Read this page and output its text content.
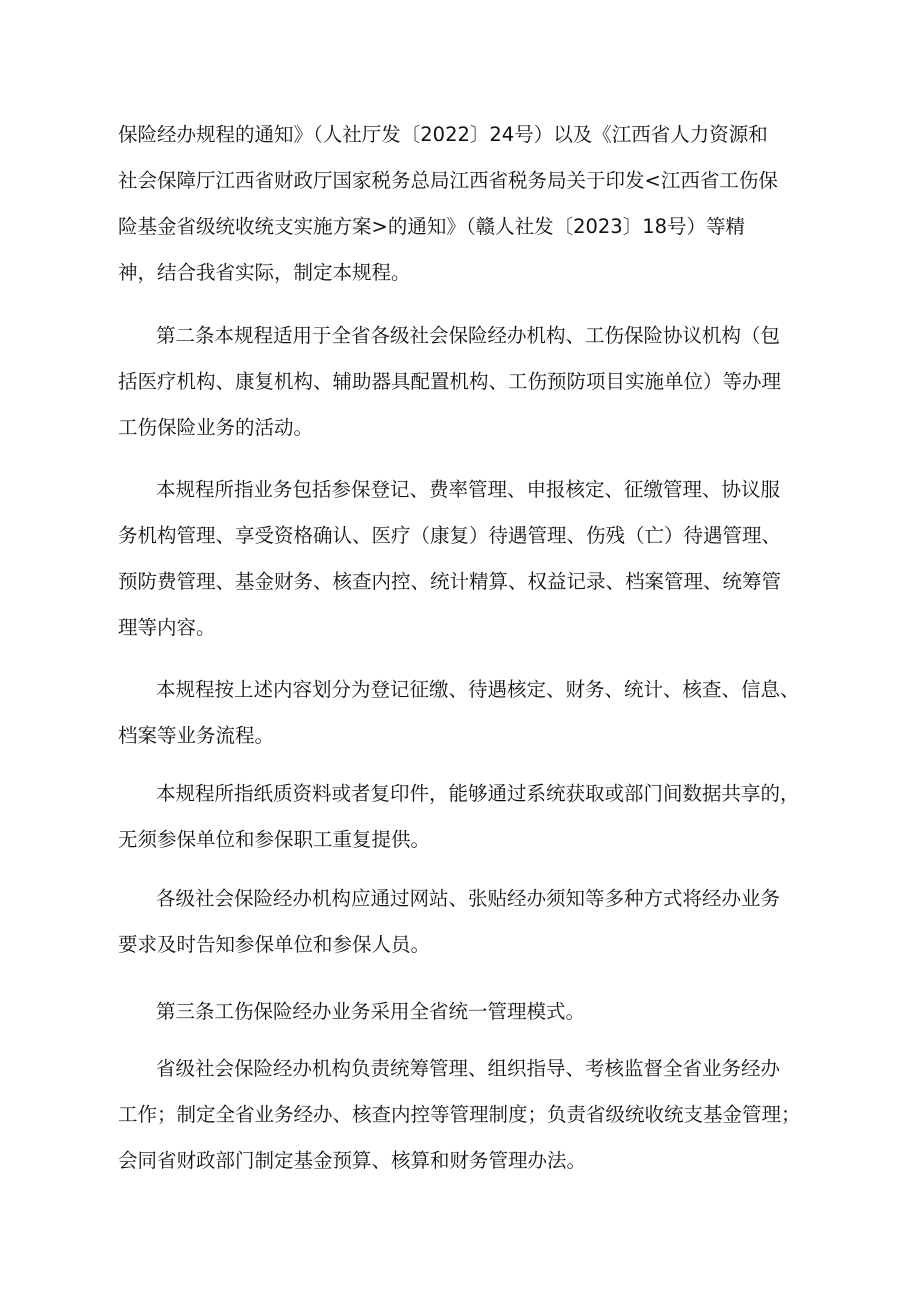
保险经办规程的通知》（人社厅发〔2022〕24号）以及《江西省人力资源和
社会保障厅江西省财政厅国家税务总局江西省税务局关于印发<江西省工伤保
险基金省级统收统支实施方案>的通知》（赣人社发〔2023〕18号）等精
神，结合我省实际，制定本规程。

第二条本规程适用于全省各级社会保险经办机构、工伤保险协议机构（包
括医疗机构、康复机构、辅助器具配置机构、工伤预防项目实施单位）等办理
工伤保险业务的活动。

本规程所指业务包括参保登记、费率管理、申报核定、征缴管理、协议服
务机构管理、享受资格确认、医疗（康复）待遇管理、伤残（亡）待遇管理、
预防费管理、基金财务、核查内控、统计精算、权益记录、档案管理、统筹管
理等内容。

本规程按上述内容划分为登记征缴、待遇核定、财务、统计、核查、信息、
档案等业务流程。

本规程所指纸质资料或者复印件，能够通过系统获取或部门间数据共享的，
无须参保单位和参保职工重复提供。

各级社会保险经办机构应通过网站、张贴经办须知等多种方式将经办业务
要求及时告知参保单位和参保人员。

第三条工伤保险经办业务采用全省统一管理模式。

省级社会保险经办机构负责统筹管理、组织指导、考核监督全省业务经办
工作；制定全省业务经办、核查内控等管理制度；负责省级统收统支基金管理；
会同省财政部门制定基金预算、核算和财务管理办法。
